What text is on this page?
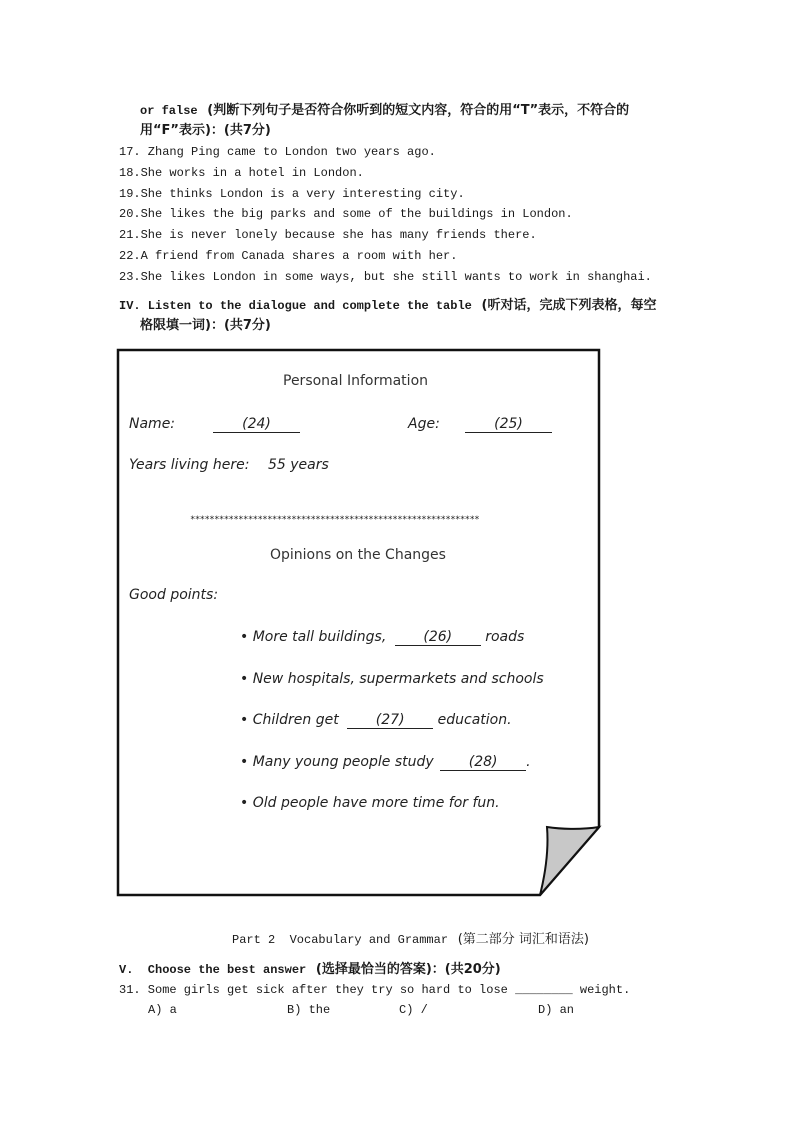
or false (判断下列句子是否符合你听到的短文内容，符合的用“T”表示，不符合的
用“F”表示)：(共7分)
17. Zhang Ping came to London two years ago.
18.She works in a hotel in London.
19.She thinks London is a very interesting city.
20.She likes the big parks and some of the buildings in London.
21.She is never lonely because she has many friends there.
22.A friend from Canada shares a room with her.
23.She likes London in some ways, but she still wants to work in shanghai.
IV. Listen to the dialogue and complete the table (听对话，完成下列表格，每空
格限填一词)：(共7分)
Personal Information
Name:	(24)	Age:	(25)
Years living here: 55 years
************************************************************
Opinions on the Changes
Good points:
• More tall buildings,	(26) roads
• New hospitals, supermarkets and schools
• Children get	(27) education.
• Many young people study	(28) .
• Old people have more time for fun.
Part 2  Vocabulary and Grammar (第二部分 词汇和语法)
V.  Choose the best answer (选择最恰当的答案)：(共20分)
31. Some girls get sick after they try so hard to lose ________ weight.
A) a	B) the	C) /	D) an
